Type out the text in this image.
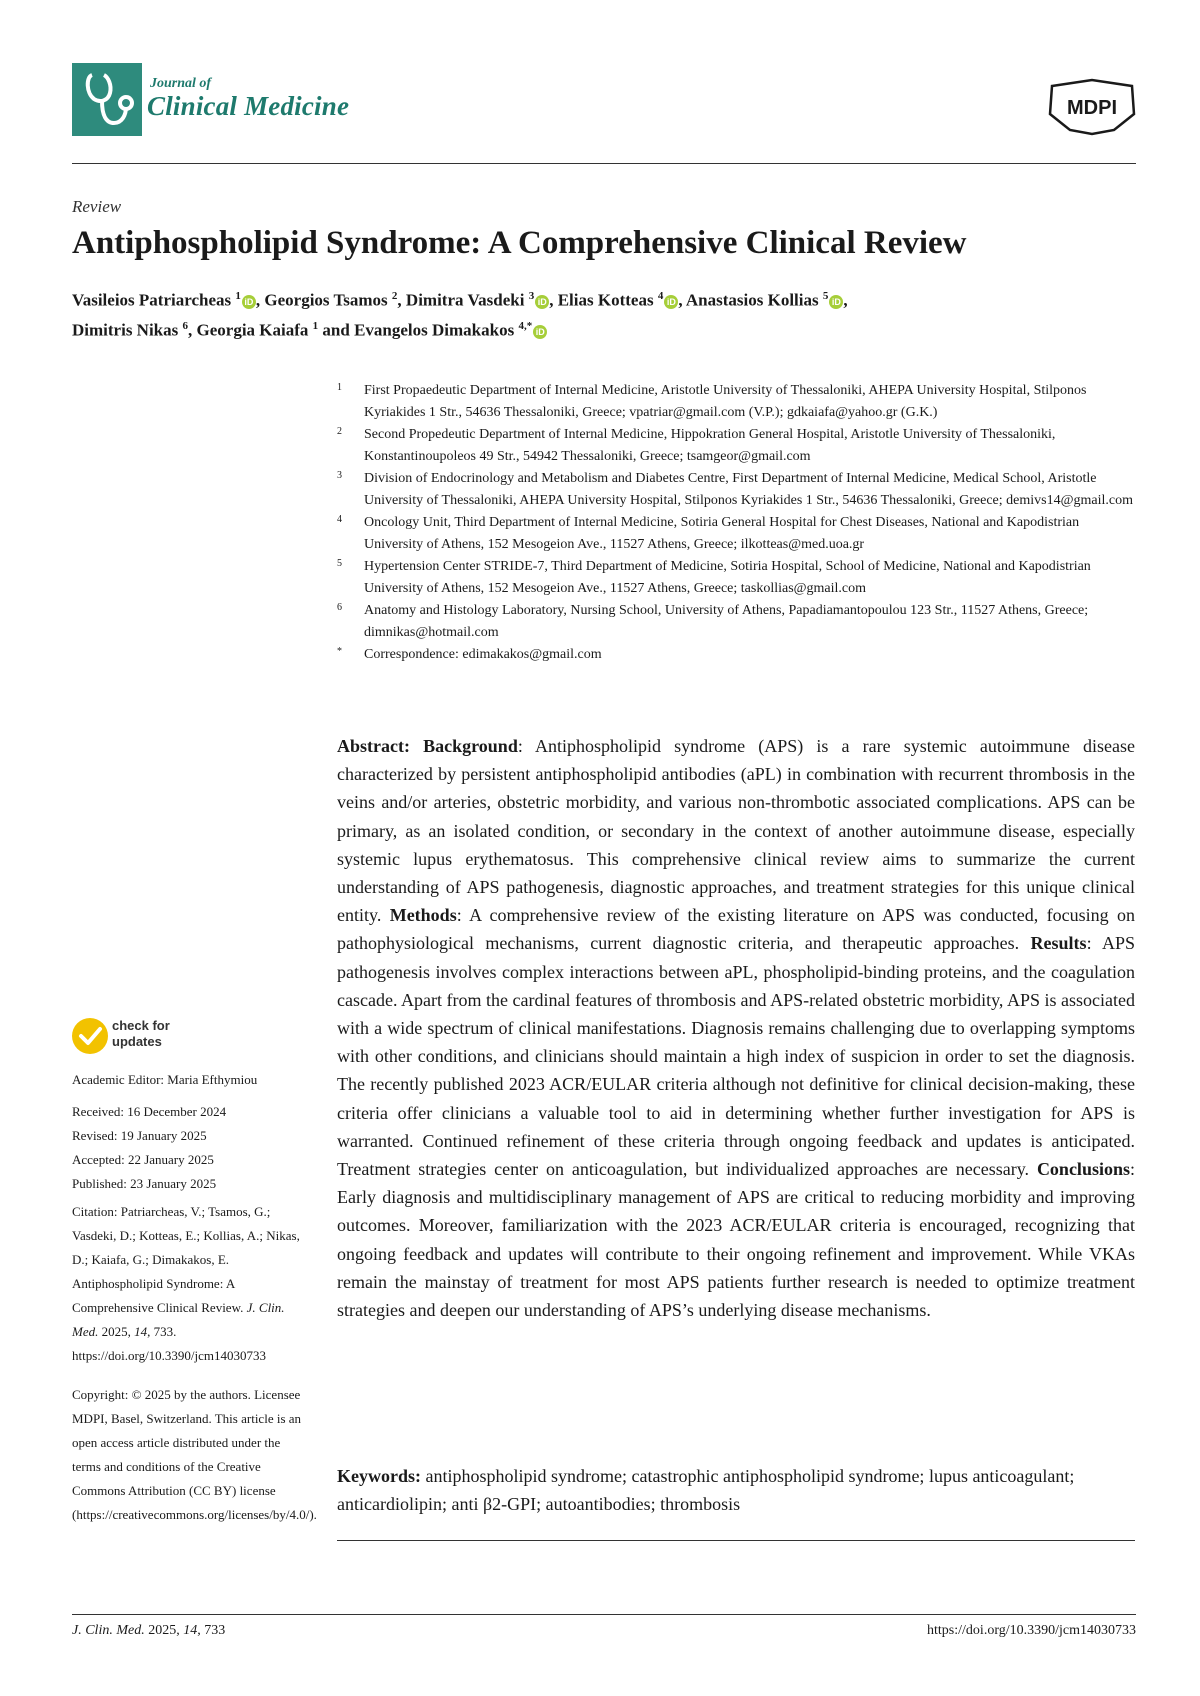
Journal of
Clinical Medicine	MDPI
Review
Antiphospholipid Syndrome: A Comprehensive Clinical Review
Vasileios Patriarcheas $^1$ iD , Georgios Tsamos $^2$, Dimitra Vasdeki $^3$ iD , Elias Kotteas $^4$ iD , Anastasios Kollias $^5$ iD ,
Dimitris Nikas $^6$, Georgia Kaiafa $^1$ and Evangelos Dimakakos $^{4,*}$ iD
1 First Propaedeutic Department of Internal Medicine, Aristotle University of Thessaloniki, AHEPA University Hospital, Stilponos Kyriakides 1 Str., 54636 Thessaloniki, Greece; vpatriar@gmail.com (V.P.); gdkaiafa@yahoo.gr (G.K.)
2 Second Propedeutic Department of Internal Medicine, Hippokration General Hospital, Aristotle University of Thessaloniki, Konstantinoupoleos 49 Str., 54942 Thessaloniki, Greece; tsamgeor@gmail.com
3 Division of Endocrinology and Metabolism and Diabetes Centre, First Department of Internal Medicine, Medical School, Aristotle University of Thessaloniki, AHEPA University Hospital, Stilponos Kyriakides 1 Str., 54636 Thessaloniki, Greece; demivs14@gmail.com
4 Oncology Unit, Third Department of Internal Medicine, Sotiria General Hospital for Chest Diseases, National and Kapodistrian University of Athens, 152 Mesogeion Ave., 11527 Athens, Greece; ilkotteas@med.uoa.gr
5 Hypertension Center STRIDE-7, Third Department of Medicine, Sotiria Hospital, School of Medicine, National and Kapodistrian University of Athens, 152 Mesogeion Ave., 11527 Athens, Greece; taskollias@gmail.com
6 Anatomy and Histology Laboratory, Nursing School, University of Athens, Papadiamantopoulou 123 Str., 11527 Athens, Greece; dimnikas@hotmail.com
* Correspondence: edimakakos@gmail.com
Abstract: Background: Antiphospholipid syndrome (APS) is a rare systemic autoimmune disease characterized by persistent antiphospholipid antibodies (aPL) in combination with recurrent thrombosis in the veins and/or arteries, obstetric morbidity, and various non-thrombotic associated complications. APS can be primary, as an isolated condition, or secondary in the context of another autoimmune disease, especially systemic lupus erythematosus. This comprehensive clinical review aims to summarize the current understanding of APS pathogenesis, diagnostic approaches, and treatment strategies for this unique clinical entity. Methods: A comprehensive review of the existing literature on APS was conducted, focusing on pathophysiological mechanisms, current diagnostic criteria, and therapeutic approaches. Results: APS pathogenesis involves complex interactions between aPL, phospholipid-binding proteins, and the coagulation cascade. Apart from the cardinal features of thrombosis and APS-related obstetric morbidity, APS is associated with a wide spectrum of clinical manifestations. Diagnosis remains challenging due to overlapping symptoms with other conditions, and clinicians should maintain a high index of suspicion in order to set the diagnosis. The recently published 2023 ACR/EULAR criteria although not definitive for clinical decision-making, these criteria offer clinicians a valuable tool to aid in determining whether further investigation for APS is warranted. Continued refinement of these criteria through ongoing feedback and updates is anticipated. Treatment strategies center on anticoagulation, but individualized approaches are necessary. Conclusions: Early diagnosis and multidisciplinary management of APS are critical to reducing morbidity and improving outcomes. Moreover, familiarization with the 2023 ACR/EULAR criteria is encouraged, recognizing that ongoing feedback and updates will contribute to their ongoing refinement and improvement. While VKAs remain the mainstay of treatment for most APS patients further research is needed to optimize treatment strategies and deepen our understanding of APS’s underlying disease mechanisms.
Keywords: antiphospholipid syndrome; catastrophic antiphospholipid syndrome; lupus anticoagulant; anticardiolipin; anti β2-GPI; autoantibodies; thrombosis
check for
updates
Academic Editor: Maria Efthymiou
Received: 16 December 2024
Revised: 19 January 2025
Accepted: 22 January 2025
Published: 23 January 2025
Citation: Patriarcheas, V.; Tsamos, G.; Vasdeki, D.; Kotteas, E.; Kollias, A.; Nikas, D.; Kaiafa, G.; Dimakakos, E. Antiphospholipid Syndrome: A Comprehensive Clinical Review. J. Clin. Med. 2025, 14, 733. https://doi.org/10.3390/jcm14030733
Copyright: © 2025 by the authors. Licensee MDPI, Basel, Switzerland. This article is an open access article distributed under the terms and conditions of the Creative Commons Attribution (CC BY) license (https://creativecommons.org/licenses/by/4.0/).
J. Clin. Med. 2025, 14, 733	https://doi.org/10.3390/jcm14030733
